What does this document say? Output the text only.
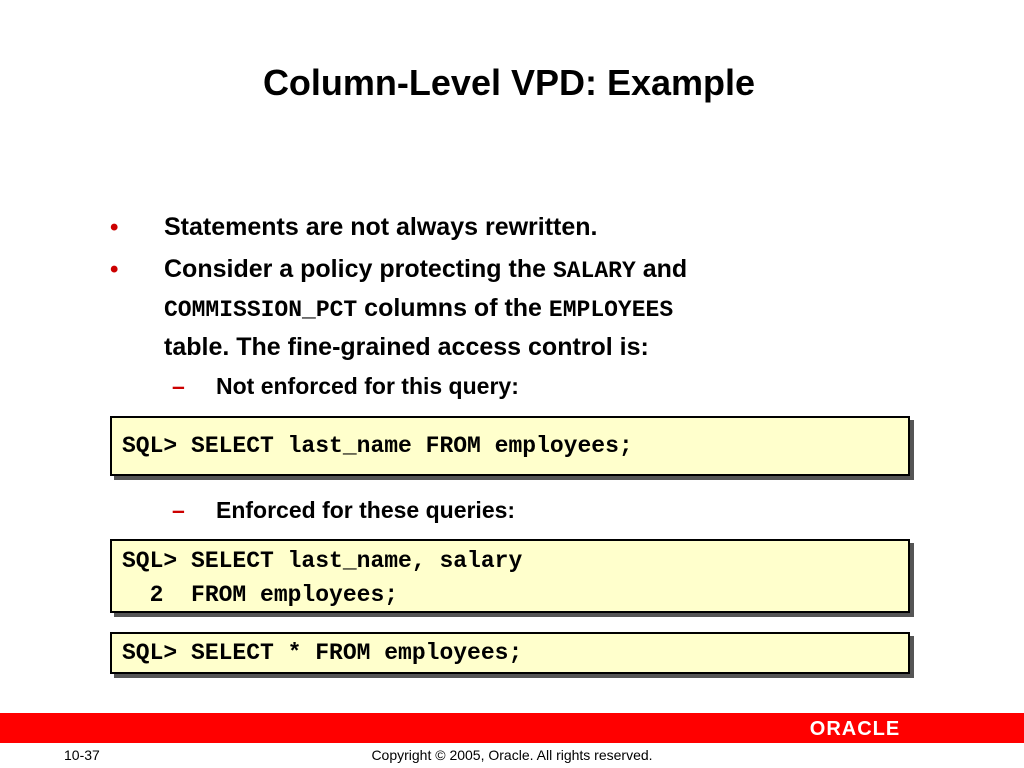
Column-Level VPD: Example
• Statements are not always rewritten.
• Consider a policy protecting the SALARY and
COMMISSION_PCT columns of the EMPLOYEES
table. The fine-grained access control is:
– Not enforced for this query:
SQL> SELECT last_name FROM employees;
– Enforced for these queries:
SQL> SELECT last_name, salary
2  FROM employees;
SQL> SELECT * FROM employees;
ORACLE
10-37	Copyright © 2005, Oracle. All rights reserved.
